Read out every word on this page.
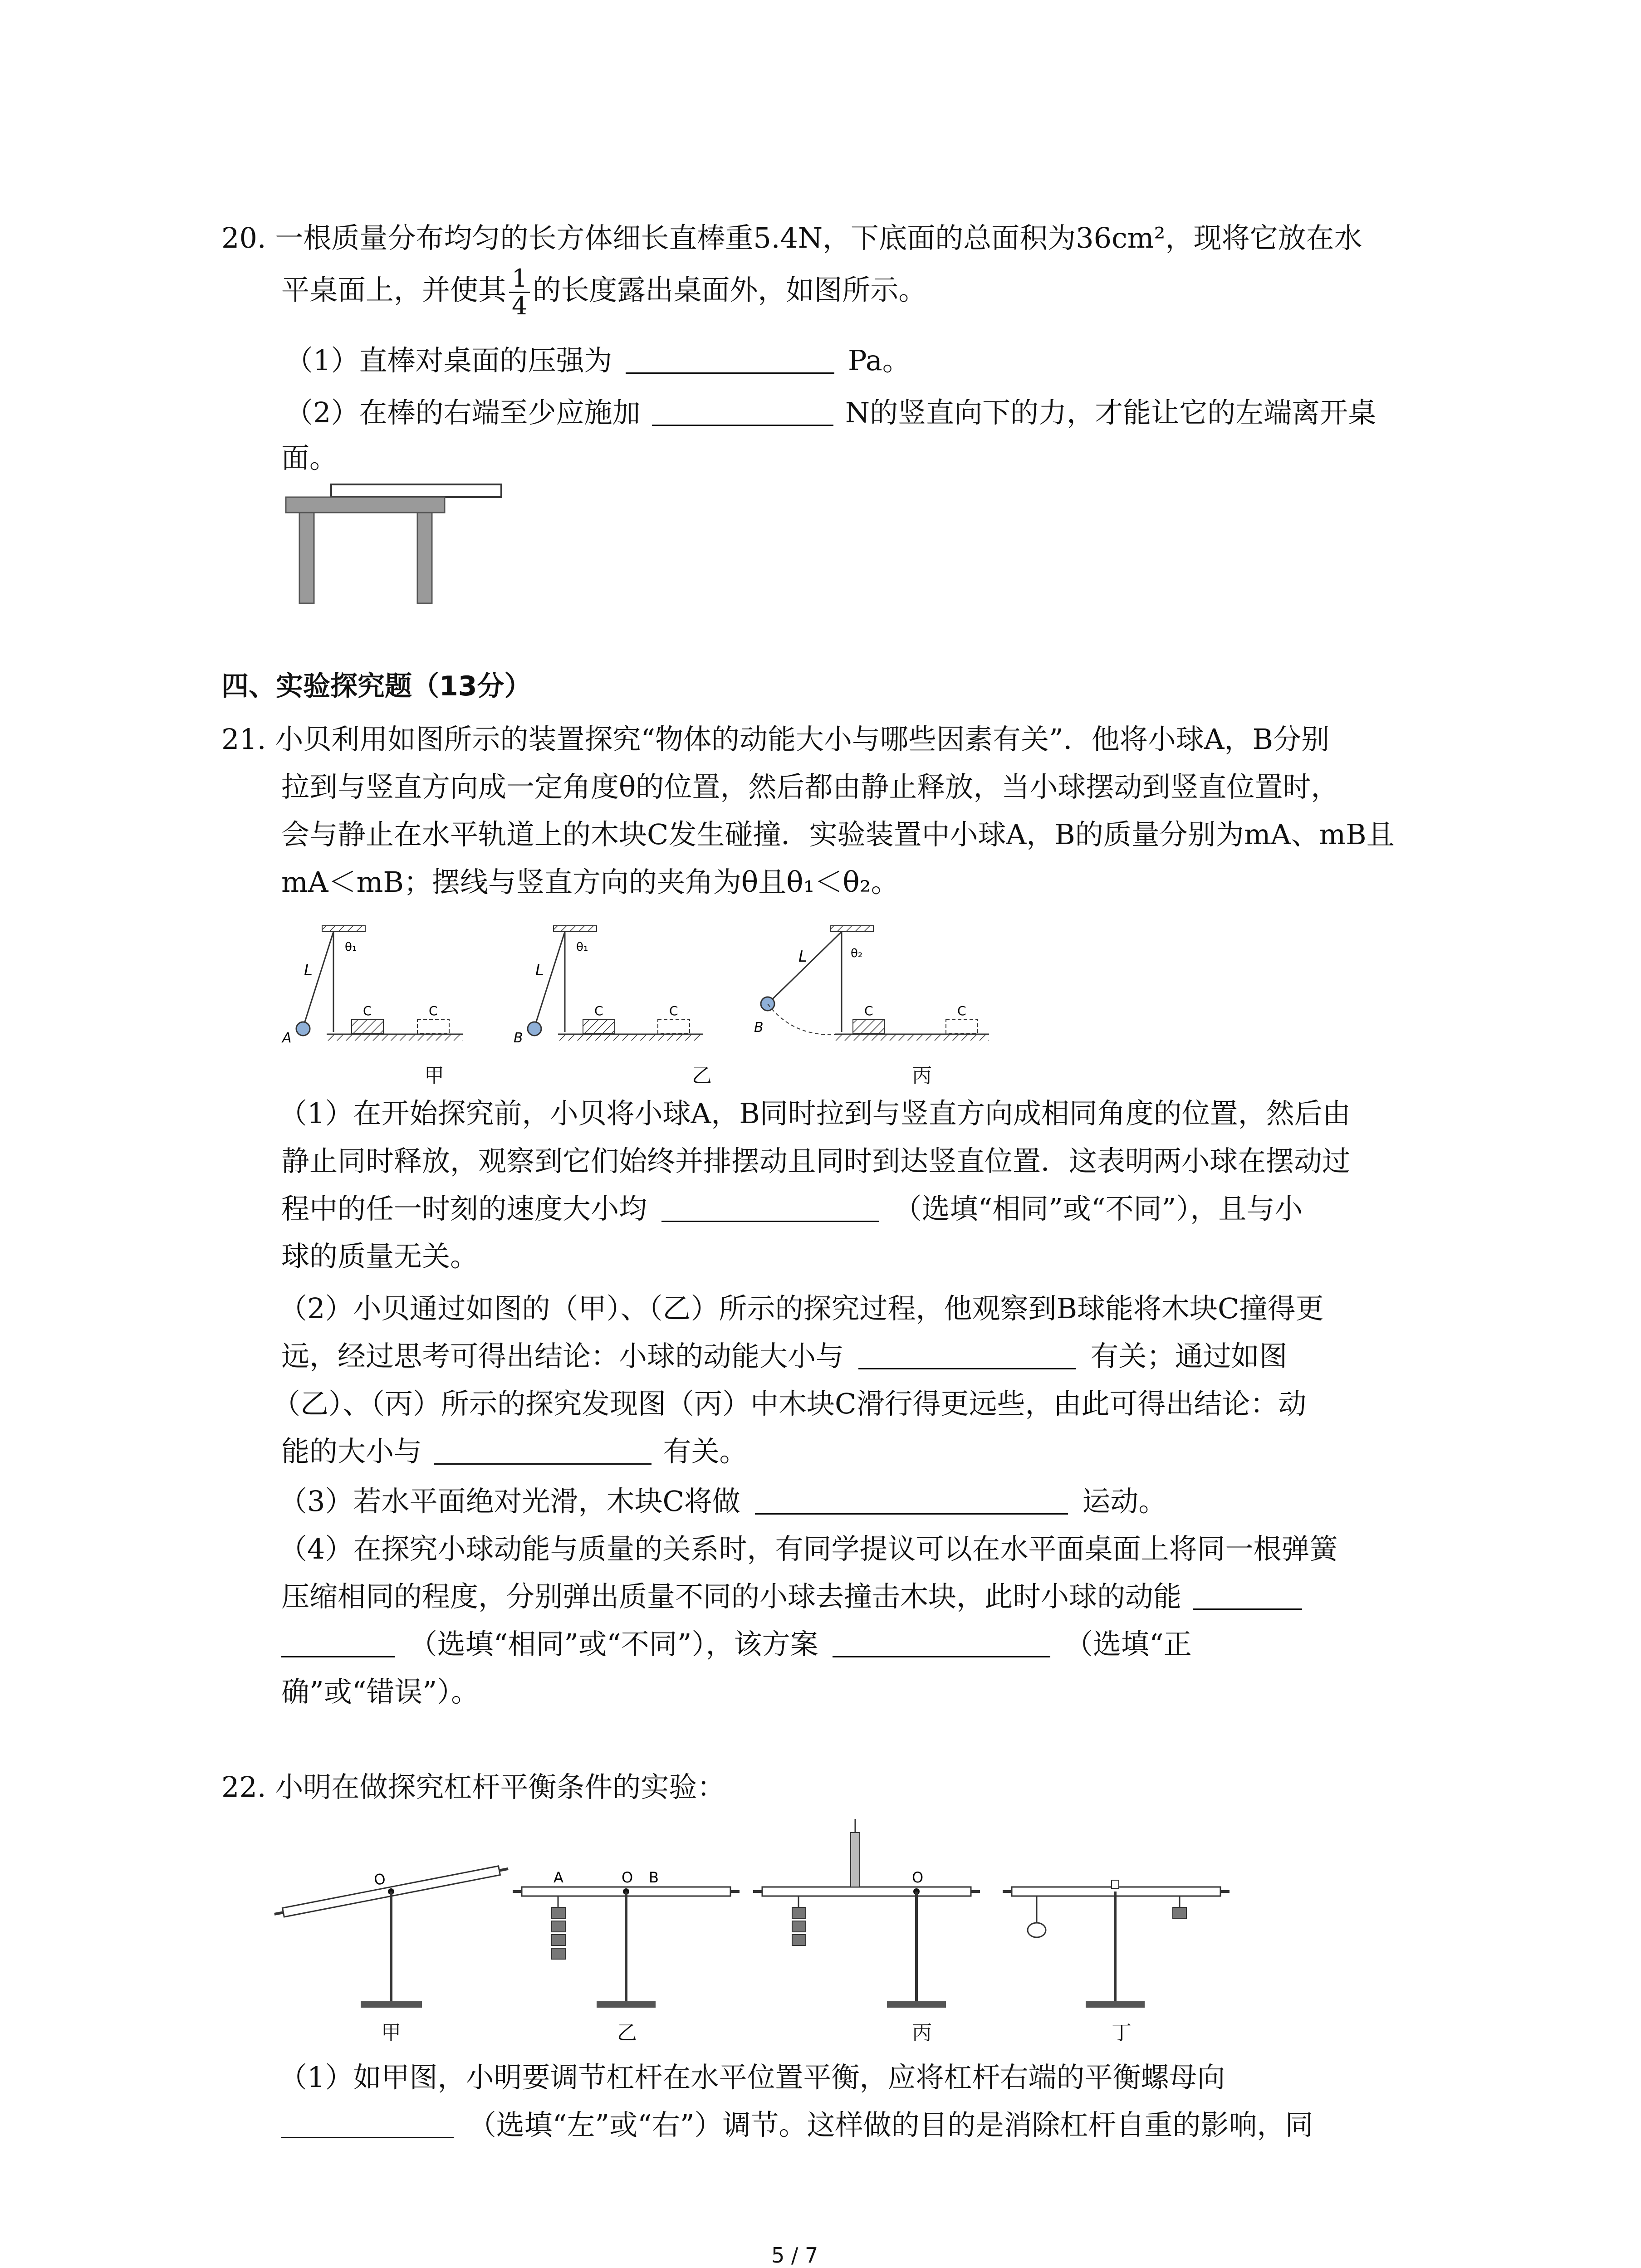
20. 一根质量分布均匀的长方体细长直棒重5.4N，下底面的总面积为36cm²，现将它放在水
平桌面上，并使其 $\frac{1}{4}$ 的长度露出桌面外，如图所示。
（1）直棒对桌面的压强为	Pa。
（2）在棒的右端至少应施加	N的竖直向下的力，才能让它的左端离开桌
面。
四、实验探究题（13分）
21. 小贝利用如图所示的装置探究“物体的动能大小与哪些因素有关”．他将小球A，B分别
拉到与竖直方向成一定角度θ的位置，然后都由静止释放，当小球摆动到竖直位置时，
会与静止在水平轨道上的木块C发生碰撞．实验装置中小球A，B的质量分别为mA、mB且
mA＜mB；摆线与竖直方向的夹角为θ且θ₁＜θ₂。
θ₁
L
A
C	C
θ₁
L
B
C	C
θ₂
L
B
C	C
甲	乙	丙
（1）在开始探究前，小贝将小球A，B同时拉到与竖直方向成相同角度的位置，然后由
静止同时释放，观察到它们始终并排摆动且同时到达竖直位置．这表明两小球在摆动过
程中的任一时刻的速度大小均	（选填“相同”或“不同”），且与小
球的质量无关。
（2）小贝通过如图的（甲）、（乙）所示的探究过程，他观察到B球能将木块C撞得更
远，经过思考可得出结论：小球的动能大小与	有关；通过如图
（乙）、（丙）所示的探究发现图（丙）中木块C滑行得更远些，由此可得出结论：动
能的大小与	有关。
（3）若水平面绝对光滑，木块C将做	运动。
（4）在探究小球动能与质量的关系时，有同学提议可以在水平面桌面上将同一根弹簧
压缩相同的程度，分别弹出质量不同的小球去撞击木块，此时小球的动能
（选填“相同”或“不同”），该方案	（选填“正
确”或“错误”）。
22. 小明在做探究杠杆平衡条件的实验：
O	A	O B	O
甲	乙	丙	丁
（1）如甲图，小明要调节杠杆在水平位置平衡，应将杠杆右端的平衡螺母向
（选填“左”或“右”）调节。这样做的目的是消除杠杆自重的影响，同
5 / 7
